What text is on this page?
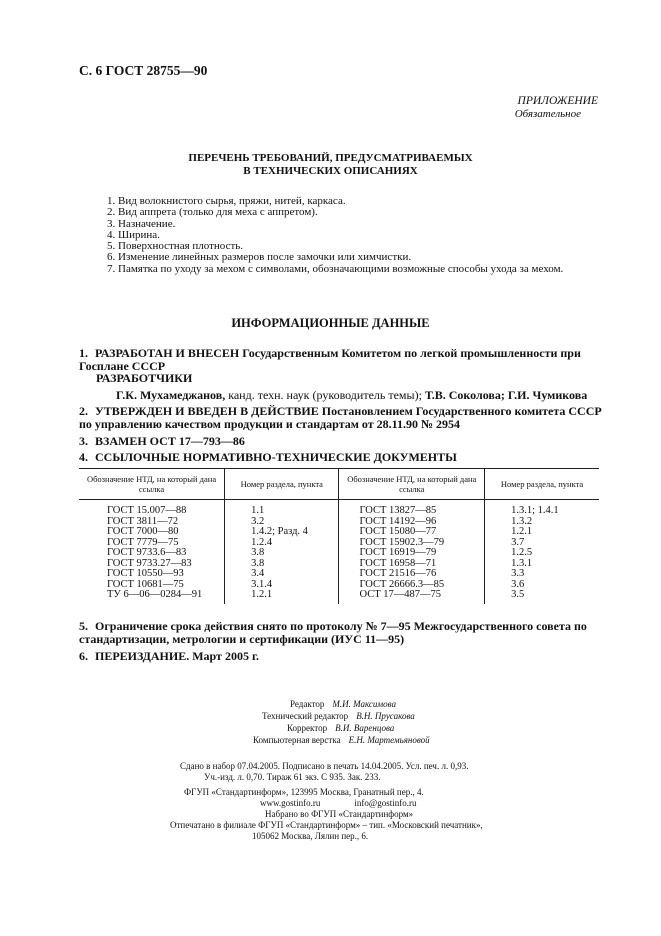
С. 6 ГОСТ 28755—90
ПРИЛОЖЕНИЕ
Обязательное
ПЕРЕЧЕНЬ ТРЕБОВАНИЙ, ПРЕДУСМАТРИВАЕМЫХ
В ТЕХНИЧЕСКИХ ОПИСАНИЯХ
1. Вид волокнистого сырья, пряжи, нитей, каркаса.
2. Вид аппрета (только для меха с аппретом).
3. Назначение.
4. Ширина.
5. Поверхностная плотность.
6. Изменение линейных размеров после замочки или химчистки.
7. Памятка по уходу за мехом с символами, обозначающими возможные способы ухода за мехом.
ИНФОРМАЦИОННЫЕ ДАННЫЕ
1. РАЗРАБОТАН И ВНЕСЕН Государственным Комитетом по легкой промышленности при Госплане СССР
РАЗРАБОТЧИКИ
Г.К. Мухамеджанов, канд. техн. наук (руководитель темы); Т.В. Соколова; Г.И. Чумикова
2. УТВЕРЖДЕН И ВВЕДЕН В ДЕЙСТВИЕ Постановлением Государственного комитета СССР по управлению качеством продукции и стандартам от 28.11.90 № 2954
3. ВЗАМЕН ОСТ 17—793—86
4. ССЫЛОЧНЫЕ НОРМАТИВНО-ТЕХНИЧЕСКИЕ ДОКУМЕНТЫ
Обозначение НТД, на который дана ссылка	Номер раздела, пункта	Обозначение НТД, на который дана ссылка	Номер раздела, пункта
ГОСТ 15.007—88	1.1	ГОСТ 13827—85	1.3.1; 1.4.1
ГОСТ 3811—72	3.2	ГОСТ 14192—96	1.3.2
ГОСТ 7000—80	1.4.2; Разд. 4	ГОСТ 15080—77	1.2.1
ГОСТ 7779—75	1.2.4	ГОСТ 15902.3—79	3.7
ГОСТ 9733.6—83	3.8	ГОСТ 16919—79	1.2.5
ГОСТ 9733.27—83	3.8	ГОСТ 16958—71	1.3.1
ГОСТ 10550—93	3.4	ГОСТ 21516—76	3.3
ГОСТ 10681—75	3.1.4	ГОСТ 26666.3—85	3.6
ТУ 6—06—0284—91	1.2.1	ОСТ 17—487—75	3.5
5. Ограничение срока действия снято по протоколу № 7—95 Межгосударственного совета по стандартизации, метрологии и сертификации (ИУС 11—95)
6. ПЕРЕИЗДАНИЕ. Март 2005 г.
Редактор М.И. Максимова
Технический редактор В.Н. Прусакова
Корректор В.И. Варенцова
Компьютерная верстка Е.Н. Мартемьяновой
Сдано в набор 07.04.2005. Подписано в печать 14.04.2005. Усл. печ. л. 0,93.
Уч.-изд. л. 0,70. Тираж 61 экз. С 935. Зак. 233.
ФГУП «Стандартинформ», 123995 Москва, Гранатный пер., 4.
www.gostinfo.ru	info@gostinfo.ru
Набрано во ФГУП «Стандартинформ»
Отпечатано в филиале ФГУП «Стандартинформ» – тип. «Московский печатник»,
105062 Москва, Лялин пер., 6.
